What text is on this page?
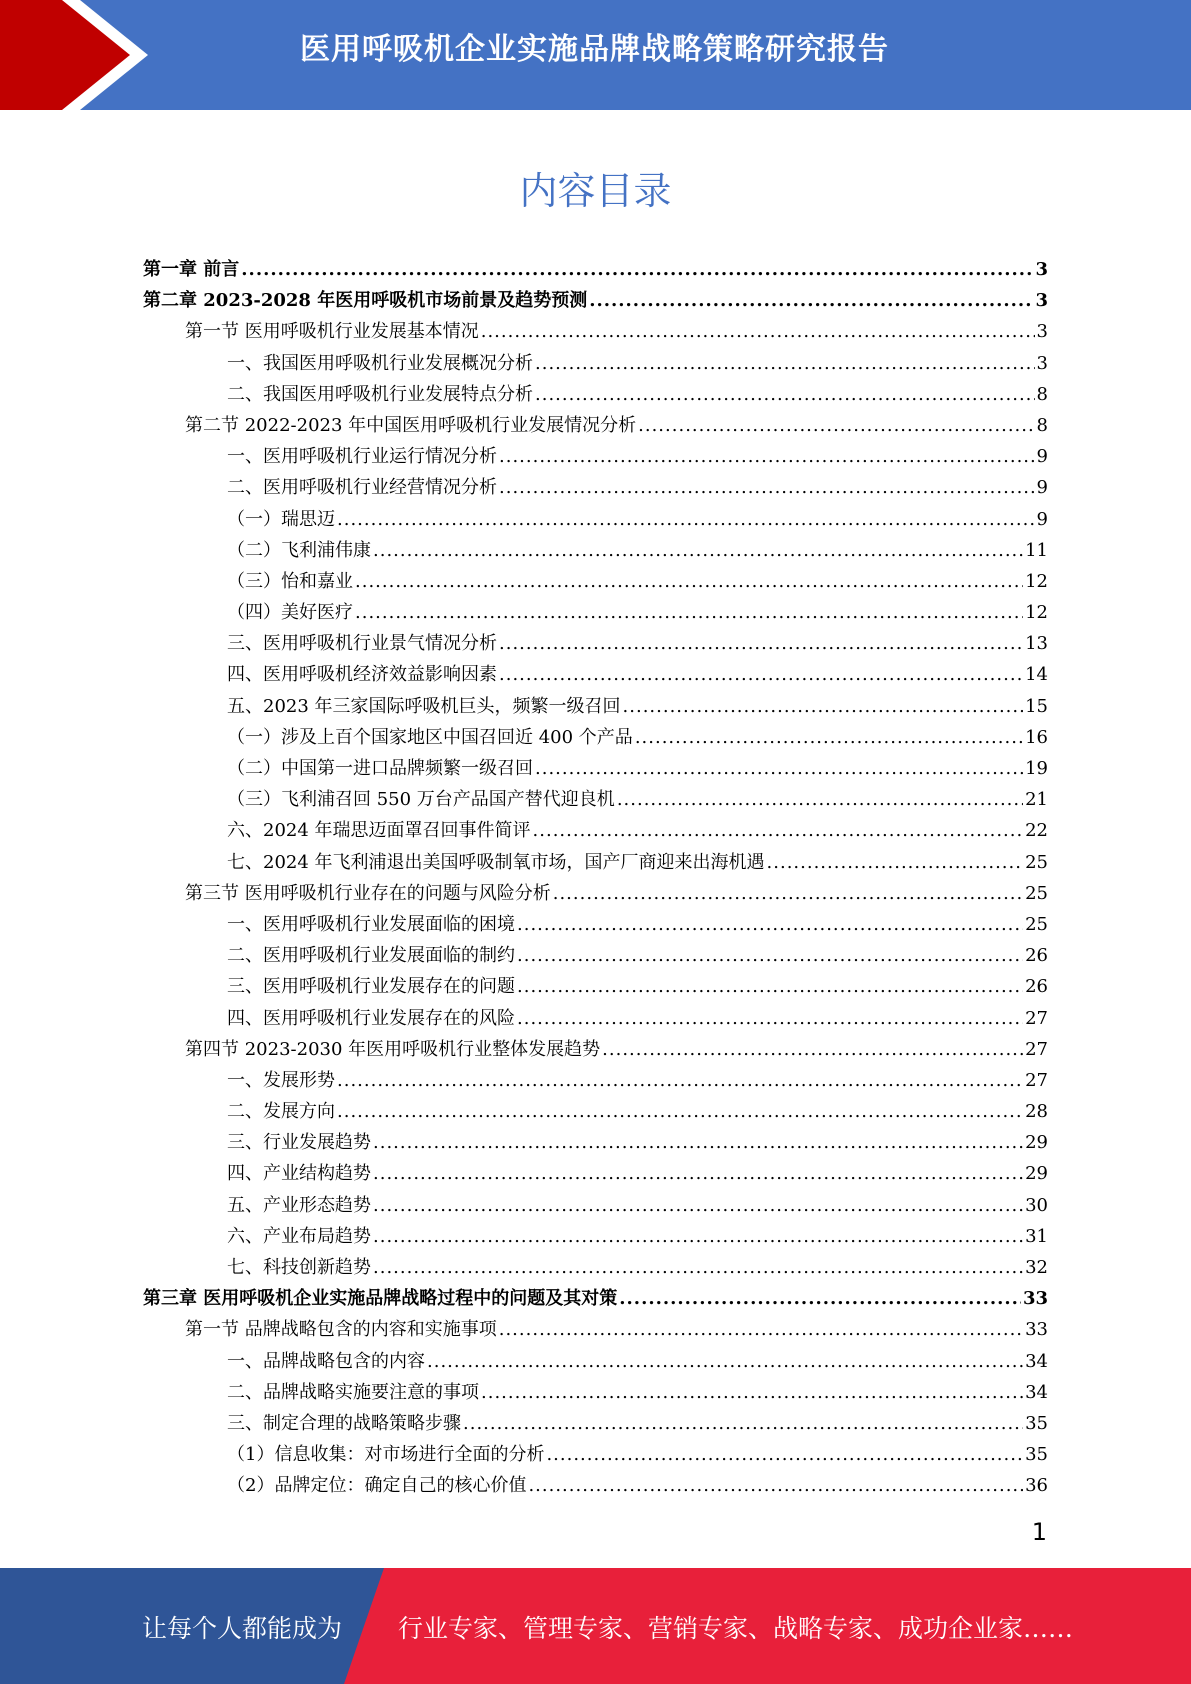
医用呼吸机企业实施品牌战略策略研究报告
内容目录
第一章 前言 .....	3
第二章 2023-2028 年医用呼吸机市场前景及趋势预测 .....	3
第一节 医用呼吸机行业发展基本情况 .....	3
一、我国医用呼吸机行业发展概况分析 .....	3
二、我国医用呼吸机行业发展特点分析 .....	8
第二节 2022-2023 年中国医用呼吸机行业发展情况分析 .....	8
一、医用呼吸机行业运行情况分析 .....	9
二、医用呼吸机行业经营情况分析 .....	9
（一）瑞思迈 .....	9
（二）飞利浦伟康 .....	11
（三）怡和嘉业 .....	12
（四）美好医疗 .....	12
三、医用呼吸机行业景气情况分析 .....	13
四、医用呼吸机经济效益影响因素 .....	14
五、2023 年三家国际呼吸机巨头，频繁一级召回 .....	15
（一）涉及上百个国家地区中国召回近 400 个产品 .....	16
（二）中国第一进口品牌频繁一级召回 .....	19
（三）飞利浦召回 550 万台产品国产替代迎良机 .....	21
六、2024 年瑞思迈面罩召回事件简评 .....	22
七、2024 年飞利浦退出美国呼吸制氧市场，国产厂商迎来出海机遇 .....	25
第三节 医用呼吸机行业存在的问题与风险分析 .....	25
一、医用呼吸机行业发展面临的困境 .....	25
二、医用呼吸机行业发展面临的制约 .....	26
三、医用呼吸机行业发展存在的问题 .....	26
四、医用呼吸机行业发展存在的风险 .....	27
第四节 2023-2030 年医用呼吸机行业整体发展趋势 .....	27
一、发展形势 .....	27
二、发展方向 .....	28
三、行业发展趋势 .....	29
四、产业结构趋势 .....	29
五、产业形态趋势 .....	30
六、产业布局趋势 .....	31
七、科技创新趋势 .....	32
第三章 医用呼吸机企业实施品牌战略过程中的问题及其对策 .....	33
第一节 品牌战略包含的内容和实施事项 .....	33
一、品牌战略包含的内容 .....	34
二、品牌战略实施要注意的事项 .....	34
三、制定合理的战略策略步骤 .....	35
（1）信息收集：对市场进行全面的分析 .....	35
（2）品牌定位：确定自己的核心价值 .....	36
1
让每个人都能成为 行业专家、管理专家、营销专家、战略专家、成功企业家……
